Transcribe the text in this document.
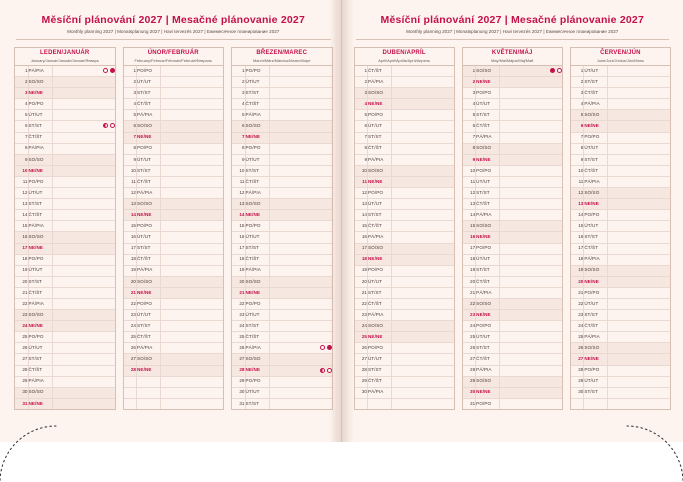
Měsíční plánování 2027 | Mesačné plánovanie 2027
Monthly planning 2027 | Monatsplanung 2027 | Havi tervezés 2027 | Ежемесячное планирование 2027
LEDEN/JANUÁR
January/Januar/Januári/Január/Январь
1	PÁ/PIA	
2	SO/SO	
3	NE/NE	
4	PO/PO	
5	ÚT/UT	
6	ST/ST	
7	ČT/ŠT	
8	PÁ/PIA	
9	SO/SO	
10	NE/NE	
11	PO/PO	
12	ÚT/UT	
13	ST/ST	
14	ČT/ŠT	
15	PÁ/PIA	
16	SO/SO	
17	NE/NE	
18	PO/PO	
19	ÚT/UT	
20	ST/ST	
21	ČT/ŠT	
22	PÁ/PIA	
23	SO/SO	
24	NE/NE	
25	PO/PO	
26	ÚT/UT	
27	ST/ST	
28	ČT/ŠT	
29	PÁ/PIA	
30	SO/SO	
31	NE/NE	
ÚNOR/FEBRUÁR
February/Februar/Februári/Február/Февраль
1	PO/PO	
2	ÚT/UT	
3	ST/ST	
4	ČT/ŠT	
5	PÁ/PIA	
6	SO/SO	
7	NE/NE	
8	PO/PO	
9	ÚT/UT	
10	ST/ST	
11	ČT/ŠT	
12	PÁ/PIA	
13	SO/SO	
14	NE/NE	
15	PO/PO	
16	ÚT/UT	
17	ST/ST	
18	ČT/ŠT	
19	PÁ/PIA	
20	SO/SO	
21	NE/NE	
22	PO/PO	
23	ÚT/UT	
24	ST/ST	
25	ČT/ŠT	
26	PÁ/PIA	
27	SO/SO	
28	NE/NE	

BŘEZEN/MAREC
March/März/Március/Marec/Март
1	PO/PO	
2	ÚT/UT	
3	ST/ST	
4	ČT/ŠT	
5	PÁ/PIA	
6	SO/SO	
7	NE/NE	
8	PO/PO	
9	ÚT/UT	
10	ST/ST	
11	ČT/ŠT	
12	PÁ/PIA	
13	SO/SO	
14	NE/NE	
15	PO/PO	
16	ÚT/UT	
17	ST/ST	
18	ČT/ŠT	
19	PÁ/PIA	
20	SO/SO	
21	NE/NE	
22	PO/PO	
23	ÚT/UT	
24	ST/ST	
25	ČT/ŠT	
26	PÁ/PIA	
27	SO/SO	
28	NE/NE	
29	PO/PO	
30	ÚT/UT	
31	ST/ST	
Měsíční plánování 2027 | Mesačné plánovanie 2027
Monthly planning 2027 | Monatsplanung 2027 | Havi tervezés 2027 | Ежемесячное планирование 2027
DUBEN/APRÍL
April/April/Április/Apríl/Апрель
1	ČT/ŠT	
2	PÁ/PIA	
3	SO/SO	
4	NE/NE	
5	PO/PO	
6	ÚT/UT	
7	ST/ST	
8	ČT/ŠT	
9	PÁ/PIA	
10	SO/SO	
11	NE/NE	
12	PO/PO	
13	ÚT/UT	
14	ST/ST	
15	ČT/ŠT	
16	PÁ/PIA	
17	SO/SO	
18	NE/NE	
19	PO/PO	
20	ÚT/UT	
21	ST/ST	
22	ČT/ŠT	
23	PÁ/PIA	
24	SO/SO	
25	NE/NE	
26	PO/PO	
27	ÚT/UT	
28	ST/ST	
29	ČT/ŠT	
30	PÁ/PIA	

KVĚTEN/MÁJ
May/Mai/Május/Máj/Май
1	SO/SO	
2	NE/NE	
3	PO/PO	
4	ÚT/UT	
5	ST/ST	
6	ČT/ŠT	
7	PÁ/PIA	
8	SO/SO	
9	NE/NE	
10	PO/PO	
11	ÚT/UT	
12	ST/ST	
13	ČT/ŠT	
14	PÁ/PIA	
15	SO/SO	
16	NE/NE	
17	PO/PO	
18	ÚT/UT	
19	ST/ST	
20	ČT/ŠT	
21	PÁ/PIA	
22	SO/SO	
23	NE/NE	
24	PO/PO	
25	ÚT/UT	
26	ST/ST	
27	ČT/ŠT	
28	PÁ/PIA	
29	SO/SO	
30	NE/NE	
31	PO/PO	
ČERVEN/JÚN
June/Juni/Június/Jún/Июнь
1	ÚT/UT	
2	ST/ST	
3	ČT/ŠT	
4	PÁ/PIA	
5	SO/SO	
6	NE/NE	
7	PO/PO	
8	ÚT/UT	
9	ST/ST	
10	ČT/ŠT	
11	PÁ/PIA	
12	SO/SO	
13	NE/NE	
14	PO/PO	
15	ÚT/UT	
16	ST/ST	
17	ČT/ŠT	
18	PÁ/PIA	
19	SO/SO	
20	NE/NE	
21	PO/PO	
22	ÚT/UT	
23	ST/ST	
24	ČT/ŠT	
25	PÁ/PIA	
26	SO/SO	
27	NE/NE	
28	PO/PO	
29	ÚT/UT	
30	ST/ST	
